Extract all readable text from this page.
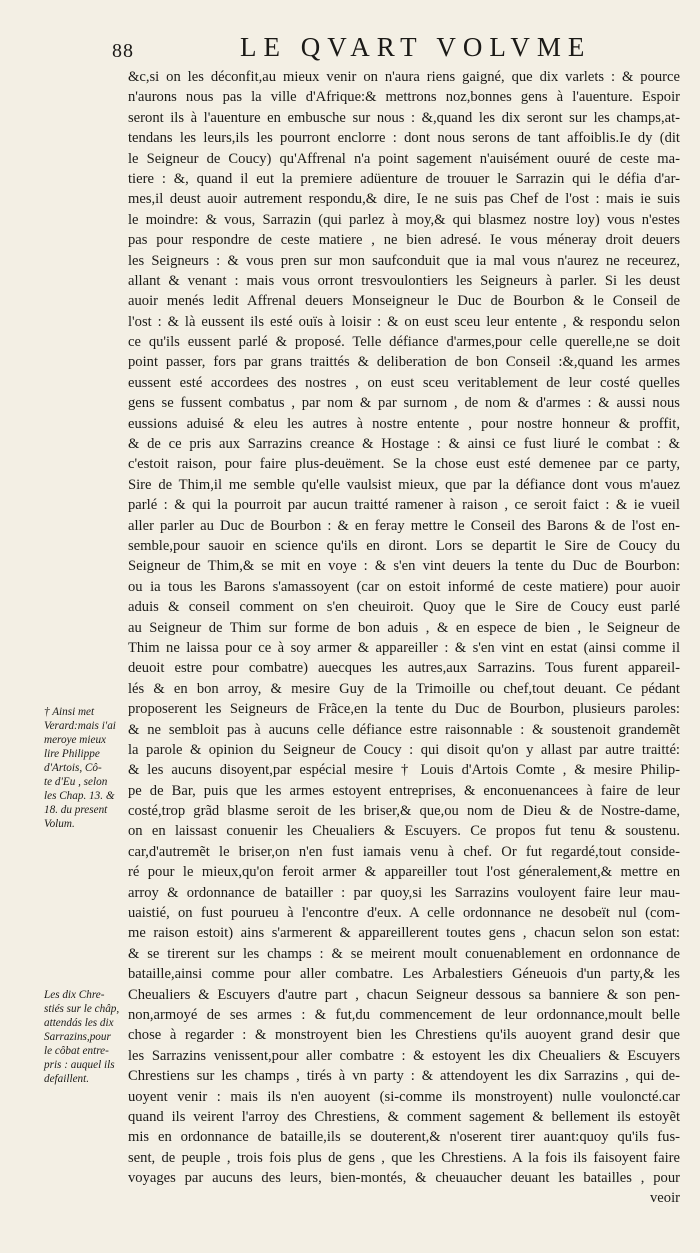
88	LE QVART VOLVME
&c,si on les déconfit,au mieux venir on n'aura riens gaigné, que dix varlets : & pource
n'aurons nous pas la ville d'Afrique:& mettrons noz,bonnes gens à l'auenture. Espoir
seront ils à l'auenture en embusche sur nous : &,quand les dix seront sur les champs,at-
tendans les leurs,ils les pourront enclorre : dont nous serons de tant affoiblis.Ie dy (dit
le Seigneur de Coucy) qu'Affrenal n'a point sagement n'auisément ouuré de ceste ma-
tiere : &, quand il eut la premiere adüenture de trouuer le Sarrazin qui le défia d'ar-
mes,il deust auoir autrement respondu,& dire, Ie ne suis pas Chef de l'ost : mais ie suis
le moindre: & vous, Sarrazin (qui parlez à moy,& qui blasmez nostre loy) vous n'estes
pas pour respondre de ceste matiere , ne bien adresé. Ie vous méneray droit deuers
les Seigneurs : & vous pren sur mon saufconduit que ia mal vous n'aurez ne receurez,
allant & venant : mais vous orront tresvoulontiers les Seigneurs à parler. Si les deust
auoir menés ledit Affrenal deuers Monseigneur le Duc de Bourbon & le Conseil de
l'ost : & là eussent ils esté ouïs à loisir : & on eust sceu leur entente , & respondu selon
ce qu'ils eussent parlé & proposé. Telle défiance d'armes,pour celle querelle,ne se doit
point passer, fors par grans traittés & deliberation de bon Conseil :&,quand les armes
eussent esté accordees des nostres , on eust sceu veritablement de leur costé quelles
gens se fussent combatus , par nom & par surnom , de nom & d'armes : & aussi nous
eussions aduisé & eleu les autres à nostre entente , pour nostre honneur & proffit,
& de ce pris aux Sarrazins creance & Hostage : & ainsi ce fust liuré le combat : &
c'estoit raison, pour faire plus-deuëment. Se la chose eust esté demenee par ce party,
Sire de Thim,il me semble qu'elle vaulsist mieux, que par la défiance dont vous m'auez
parlé : & qui la pourroit par aucun traitté ramener à raison , ce seroit faict : & ie vueil
aller parler au Duc de Bourbon : & en feray mettre le Conseil des Barons & de l'ost en-
semble,pour sauoir en science qu'ils en diront. Lors se departit le Sire de Coucy du
Seigneur de Thim,& se mit en voye : & s'en vint deuers la tente du Duc de Bourbon:
ou ia tous les Barons s'amassoyent (car on estoit informé de ceste matiere) pour auoir
aduis & conseil comment on s'en cheuiroit. Quoy que le Sire de Coucy eust parlé
au Seigneur de Thim sur forme de bon aduis , & en espece de bien , le Seigneur de
Thim ne laissa pour ce à soy armer & appareiller : & s'en vint en estat (ainsi comme il
deuoit estre pour combatre) auecques les autres,aux Sarrazins. Tous furent appareil-
lés & en bon arroy, & mesire Guy de la Trimoille ou chef,tout deuant. Ce pédant
proposerent les Seigneurs de Frãce,en la tente du Duc de Bourbon, plusieurs paroles:
& ne sembloit pas à aucuns celle défiance estre raisonnable : & soustenoit grandemẽt
la parole & opinion du Seigneur de Coucy : qui disoit qu'on y allast par autre traitté:
& les aucuns disoyent,par espécial mesire † Louis d'Artois Comte , & mesire Philip-
pe de Bar, puis que les armes estoyent entreprises, & enconuenancees à faire de leur
costé,trop grãd blasme seroit de les briser,& que,ou nom de Dieu & de Nostre-dame,
on en laissast conuenir les Cheualiers & Escuyers. Ce propos fut tenu & soustenu.
car,d'autremẽt le briser,on n'en fust iamais venu à chef. Or fut regardé,tout conside-
ré pour le mieux,qu'on feroit armer & appareiller tout l'ost géneralement,& mettre en
arroy & ordonnance de batailler : par quoy,si les Sarrazins vouloyent faire leur mau-
uaistié, on fust pourueu à l'encontre d'eux. A celle ordonnance ne desobeït nul (com-
me raison estoit) ains s'armerent & appareillerent toutes gens , chacun selon son estat:
& se tirerent sur les champs : & se meirent moult conuenablement en ordonnance de
bataille,ainsi comme pour aller combatre. Les Arbalestiers Géneuois d'un party,& les
Cheualiers & Escuyers d'autre part , chacun Seigneur dessous sa banniere & son pen-
non,armoyé de ses armes : & fut,du commencement de leur ordonnance,moult belle
chose à regarder : & monstroyent bien les Chrestiens qu'ils auoyent grand desir que
les Sarrazins venissent,pour aller combatre : & estoyent les dix Cheualiers & Escuyers
Chrestiens sur les champs , tirés à vn party : & attendoyent les dix Sarrazins , qui de-
uoyent venir : mais ils n'en auoyent (si-comme ils monstroyent) nulle vouloncté.car
quand ils veirent l'arroy des Chrestiens, & comment sagement & bellement ils estoyẽt
mis en ordonnance de bataille,ils se douterent,& n'oserent tirer auant:quoy qu'ils fus-
sent, de peuple , trois fois plus de gens , que les Chrestiens. A la fois ils faisoyent faire
voyages par aucuns des leurs, bien-montés, & cheuaucher deuant les batailles , pour
veoir
† Ainsi met
Verard:mais i'ai
meroye mieux
lire Philippe
d'Artois, Cô-
te d'Eu , selon
les Chap. 13. &
18. du present
Volum.
Les dix Chre-
stiés sur le châp,
attendás les dix
Sarrazins,pour
le côbat entre-
pris : auquel ils
defaillent.
